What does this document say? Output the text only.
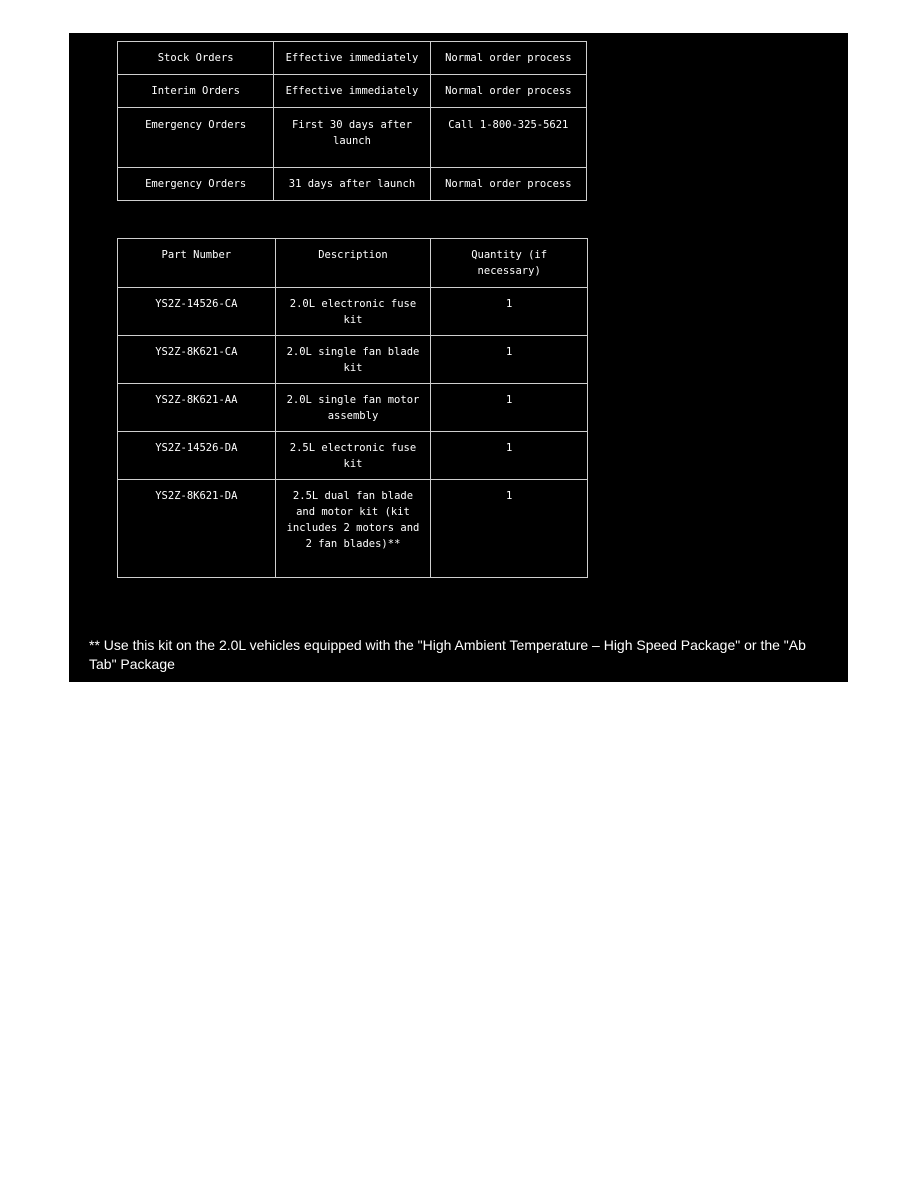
Stock Orders	Effective immediately	Normal order process
Interim Orders	Effective immediately	Normal order process
Emergency Orders	First 30 days after launch	Call 1-800-325-5621
Emergency Orders	31 days after launch	Normal order process
Part Number	Description	Quantity (if necessary)
YS2Z-14526-CA	2.0L electronic fuse kit	1
YS2Z-8K621-CA	2.0L single fan blade kit	1
YS2Z-8K621-AA	2.0L single fan motor assembly	1
YS2Z-14526-DA	2.5L electronic fuse kit	1
YS2Z-8K621-DA	2.5L dual fan blade and motor kit (kit includes 2 motors and 2 fan blades)**	1
** Use this kit on the 2.0L vehicles equipped with the "High Ambient Temperature – High Speed Package" or the "Ab Tab" Package
